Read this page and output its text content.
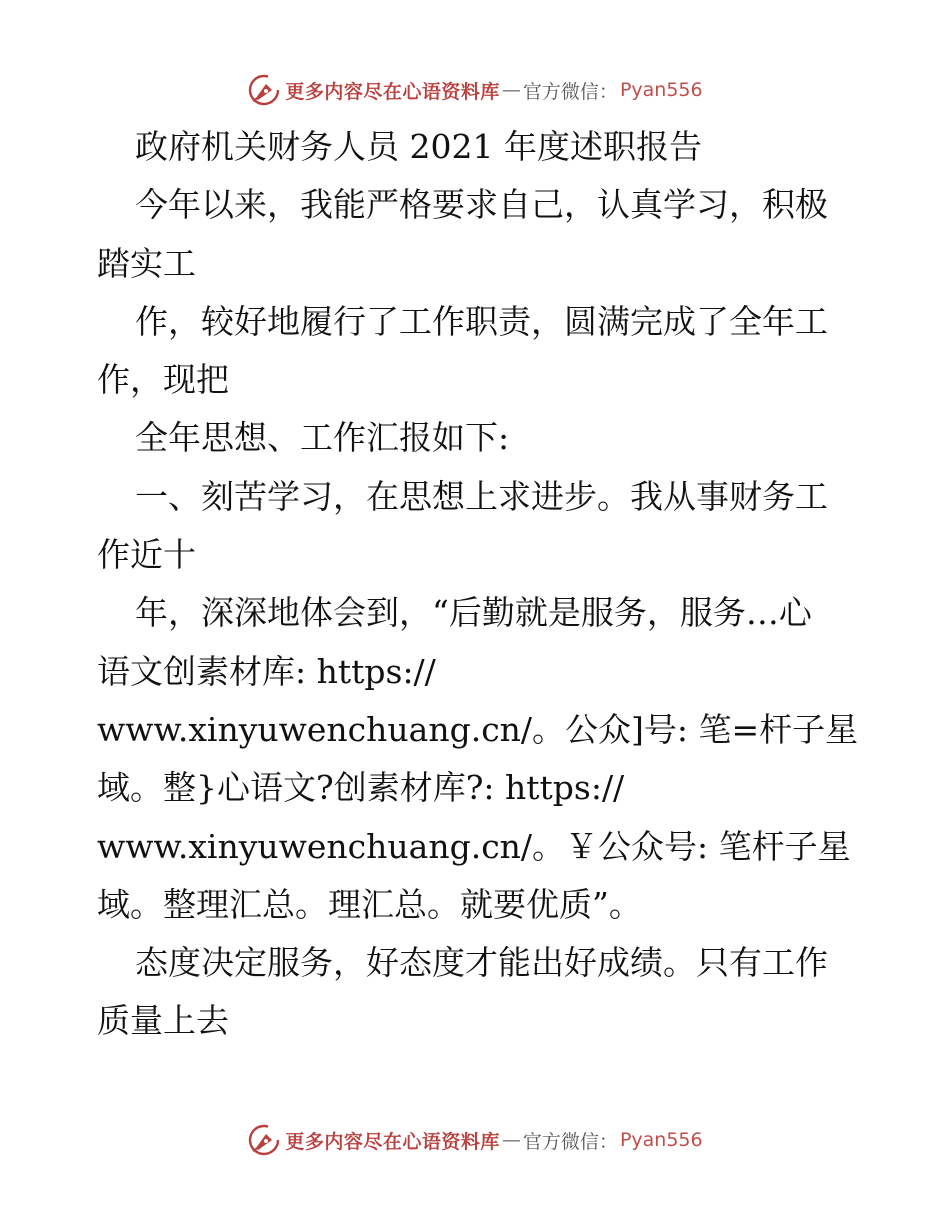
更多内容尽在心语资料库 — 官方微信： Pyan556
政府机关财务人员 2021 年度述职报告
今年以来，我能严格要求自己，认真学习，积极
踏实工
作，较好地履行了工作职责，圆满完成了全年工
作，现把
全年思想、工作汇报如下:
一、刻苦学习，在思想上求进步。我从事财务工
作近十
年，深深地体会到，“后勤就是服务，服务…心
语文创素材库: https://
www.xinyuwenchuang.cn/。公众]号: 笔=杆子星
域。整}心语文?创素材库?: https://
www.xinyuwenchuang.cn/。￥公众号: 笔杆子星
域。整理汇总。理汇总。就要优质”。
态度决定服务，好态度才能出好成绩。只有工作
质量上去
更多内容尽在心语资料库 — 官方微信： Pyan556
